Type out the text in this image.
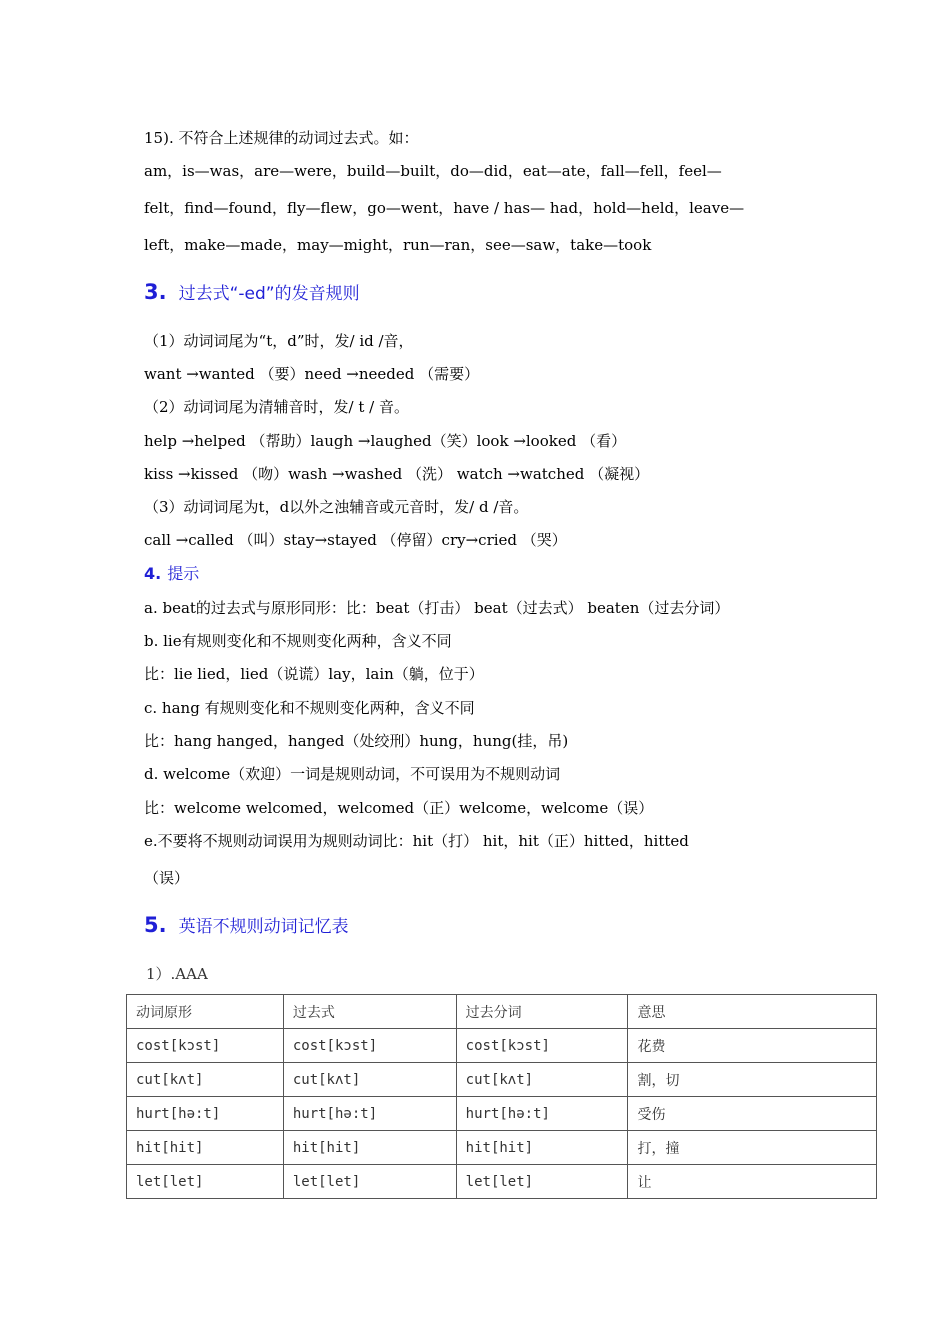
15). 不符合上述规律的动词过去式。如：
am，is—was，are—were，build—built，do—did，eat—ate，fall—fell，feel—
felt，find—found，fly—flew，go—went，have / has— had，hold—held，leave—
left，make—made，may—might，run—ran，see—saw，take—took
3. 过去式“-ed”的发音规则
（1）动词词尾为“t，d”时，发/ id /音，
want →wanted （要）need →needed （需要）
（2）动词词尾为清辅音时，发/ t / 音。
help →helped （帮助）laugh →laughed（笑）look →looked （看）
kiss →kissed （吻）wash →washed （洗） watch →watched （凝视）
（3）动词词尾为t，d以外之浊辅音或元音时，发/ d /音。
call →called （叫）stay→stayed （停留）cry→cried （哭）
4. 提示
a. beat的过去式与原形同形：比：beat（打击） beat（过去式） beaten（过去分词）
b. lie有规则变化和不规则变化两种，含义不同
比：lie lied，lied（说谎）lay，lain（躺，位于）
c. hang 有规则变化和不规则变化两种，含义不同
比：hang hanged，hanged（处绞刑）hung，hung(挂，吊)
d. welcome（欢迎）一词是规则动词，不可误用为不规则动词
比：welcome welcomed，welcomed（正）welcome，welcome（误）
e.不要将不规则动词误用为规则动词比：hit（打） hit，hit（正）hitted，hitted
（误）
5. 英语不规则动词记忆表
1）.AAA
动词原形	过去式	过去分词	意思
cost[kɔst]	cost[kɔst]	cost[kɔst]	花费
cut[kʌt]	cut[kʌt]	cut[kʌt]	割，切
hurt[hə:t]	hurt[hə:t]	hurt[hə:t]	受伤
hit[hit]	hit[hit]	hit[hit]	打，撞
let[let]	let[let]	let[let]	让
